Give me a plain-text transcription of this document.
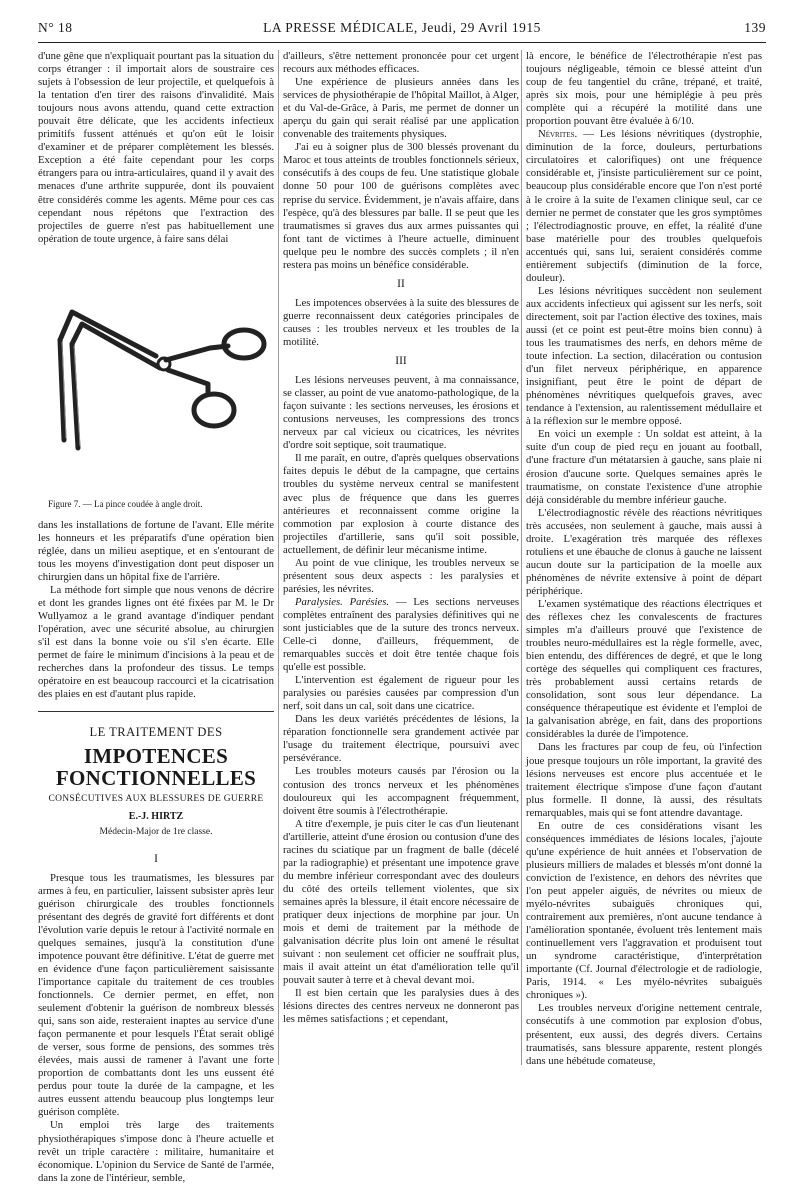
N° 18	LA PRESSE MÉDICALE, Jeudi, 29 Avril 1915	139

d'une gêne que n'expliquait pourtant pas la situation du corps étranger : il importait alors de soustraire ces sujets à l'obsession de leur projectile, et quelquefois à la tentation d'en tirer des raisons d'invalidité. Mais toujours nous avons attendu, quand cette extraction pouvait être délicate, que les accidents infectieux primitifs fussent atténués et qu'on eût le loisir d'examiner et de préparer complètement les blessés. Exception a été faite cependant pour les corps étrangers para ou intra-articulaires, quand il y avait des menaces d'une arthrite suppurée, dont ils pouvaient être considérés comme les agents. Même pour ces cas cependant nous répétons que l'extraction des projectiles de guerre n'est pas habituellement une opération de toute urgence, à faire sans délai

Figure 7. — La pince coudée à angle droit.

dans les installations de fortune de l'avant. Elle mérite les honneurs et les préparatifs d'une opération bien réglée, dans un milieu aseptique, et en s'entourant de tous les moyens d'investigation dont peut disposer un chirurgien dans un hôpital fixe de l'arrière.

La méthode fort simple que nous venons de décrire et dont les grandes lignes ont été fixées par M. le Dr Wullyamoz a le grand avantage d'indiquer pendant l'opération, avec une sécurité absolue, au chirurgien s'il est dans la bonne voie ou s'il s'en écarte. Elle permet de faire le minimum d'incisions à la peau et de recherches dans la profondeur des tissus. Le temps opératoire en est beaucoup raccourci et la cicatrisation des plaies en est d'autant plus rapide.

LE TRAITEMENT DES
IMPOTENCES FONCTIONNELLES
CONSÉCUTIVES AUX BLESSURES DE GUERRE
E.-J. HIRTZ
Médecin-Major de 1re classe.
I

Presque tous les traumatismes, les blessures par armes à feu, en particulier, laissent subsister après leur guérison chirurgicale des troubles fonctionnels présentant des degrés de gravité fort différents et dont l'évolution varie depuis le retour à l'activité normale en quelques semaines, jusqu'à la constitution d'une impotence pouvant être définitive. L'état de guerre met en évidence d'une façon particulièrement saisissante l'importance capitale du traitement de ces troubles fonctionnels. Ce dernier permet, en effet, non seulement d'obtenir la guérison de nombreux blessés qui, sans son aide, resteraient inaptes au service d'une façon permanente et pour lesquels l'État serait obligé de verser, sous forme de pensions, des sommes très élevées, mais aussi de ramener à l'avant une forte proportion de combattants dont les uns eussent été perdus pour toute la durée de la campagne, et les autres eussent attendu beaucoup plus longtemps leur guérison complète.

Un emploi très large des traitements physiothérapiques s'impose donc à l'heure actuelle et revêt un triple caractère : militaire, humanitaire et économique. L'opinion du Service de Santé de l'armée, dans la zone de l'intérieur, semble,

d'ailleurs, s'être nettement prononcée pour cet urgent recours aux méthodes efficaces.

Une expérience de plusieurs années dans les services de physiothérapie de l'hôpital Maillot, à Alger, et du Val-de-Grâce, à Paris, me permet de donner un aperçu du gain qui serait réalisé par une application convenable des traitements physiques.

J'ai eu à soigner plus de 300 blessés provenant du Maroc et tous atteints de troubles fonctionnels sérieux, consécutifs à des coups de feu. Une statistique globale donne 50 pour 100 de guérisons complètes avec reprise du service. Évidemment, je n'avais affaire, dans l'espèce, qu'à des blessures par balle. Il se peut que les traumatismes si graves dus aux armes puissantes qui font tant de victimes à l'heure actuelle, diminuent quelque peu le nombre des succès complets ; il n'en restera pas moins un bénéfice considérable.

II

Les impotences observées à la suite des blessures de guerre reconnaissent deux catégories principales de causes : les troubles nerveux et les troubles de la motilité.

III

Les lésions nerveuses peuvent, à ma connaissance, se classer, au point de vue anatomo-pathologique, de la façon suivante : les sections nerveuses, les érosions et contusions nerveuses, les compressions des troncs nerveux par cal vicieux ou cicatrices, les névrites d'ordre soit septique, soit traumatique.

Il me paraît, en outre, d'après quelques observations faites depuis le début de la campagne, que certains troubles du système nerveux central se manifestent avec plus de fréquence que dans les guerres antérieures et reconnaissent comme origine la commotion par explosion à courte distance des projectiles d'artillerie, sans qu'il soit possible, actuellement, de définir leur mécanisme intime.

Au point de vue clinique, les troubles nerveux se présentent sous deux aspects : les paralysies et parésies, les névrites.

Paralysies. Parésies. — Les sections nerveuses complètes entraînent des paralysies définitives qui ne sont justiciables que de la suture des troncs nerveux. Celle-ci donne, d'ailleurs, fréquemment, de remarquables succès et doit être tentée chaque fois qu'elle est possible.

L'intervention est également de rigueur pour les paralysies ou parésies causées par compression d'un nerf, soit dans un cal, soit dans une cicatrice.

Dans les deux variétés précédentes de lésions, la réparation fonctionnelle sera grandement activée par l'usage du traitement électrique, poursuivi avec persévérance.

Les troubles moteurs causés par l'érosion ou la contusion des troncs nerveux et les phénomènes douloureux qui les accompagnent fréquemment, doivent être soumis à l'électrothérapie.

A titre d'exemple, je puis citer le cas d'un lieutenant d'artillerie, atteint d'une érosion ou contusion d'une des racines du sciatique par un fragment de balle (décelé par la radiographie) et présentant une impotence grave du membre inférieur correspondant avec des douleurs du côté des orteils tellement violentes, que six semaines après la blessure, il était encore nécessaire de pratiquer deux injections de morphine par jour. Un mois et demi de traitement par la méthode de galvanisation décrite plus loin ont amené le résultat suivant : non seulement cet officier ne souffrait plus, mais il avait atteint un état d'amélioration telle qu'il pouvait sauter à terre et à cheval devant moi.

Il est bien certain que les paralysies dues à des lésions directes des centres nerveux ne donneront pas les mêmes satisfactions ; et cependant,

là encore, le bénéfice de l'électrothérapie n'est pas toujours négligeable, témoin ce blessé atteint d'un coup de feu tangentiel du crâne, trépané, et traité, après six mois, pour une hémiplégie à peu près complète qui a récupéré la motilité dans une proportion pouvant être évaluée à 6/10.

Névrites. — Les lésions névritiques (dystrophie, diminution de la force, douleurs, perturbations circulatoires et calorifiques) ont une fréquence considérable et, j'insiste particulièrement sur ce point, beaucoup plus considérable encore que l'on n'est porté à le croire à la suite de l'examen clinique seul, car ce dernier ne permet de constater que les gros symptômes ; l'électrodiagnostic prouve, en effet, la réalité d'une base matérielle pour des troubles quelquefois accentués qui, sans lui, seraient considérés comme entièrement subjectifs (diminution de la force, douleur).

Les lésions névritiques succèdent non seulement aux accidents infectieux qui agissent sur les nerfs, soit directement, soit par l'action élective des toxines, mais aussi (et ce point est peut-être moins bien connu) à tous les traumatismes des nerfs, en dehors même de toute infection. La section, dilacération ou contusion d'un filet nerveux périphérique, en apparence insignifiant, peut être le point de départ de phénomènes névritiques quelquefois graves, avec tendance à l'extension, au ralentissement médullaire et à la réflexion sur le membre opposé.

En voici un exemple : Un soldat est atteint, à la suite d'un coup de pied reçu en jouant au football, d'une fracture d'un métatarsien à gauche, sans plaie ni érosion d'aucune sorte. Quelques semaines après le traumatisme, on constate l'existence d'une atrophie déjà considérable du membre inférieur gauche.

L'électrodiagnostic révèle des réactions névritiques très accusées, non seulement à gauche, mais aussi à droite. L'exagération très marquée des réflexes rotuliens et une ébauche de clonus à gauche ne laissent aucun doute sur la participation de la moelle aux phénomènes de névrite extensive à point de départ périphérique.

L'examen systématique des réactions électriques et des réflexes chez les convalescents de fractures simples m'a d'ailleurs prouvé que l'existence de troubles neuro-médullaires est la règle formelle, avec, bien entendu, des différences de degré, et que le long cortège des séquelles qui compliquent ces fractures, très probablement aussi certains retards de consolidation, sont sous leur dépendance. La conséquence thérapeutique est évidente et l'emploi de la galvanisation abrège, en fait, dans des proportions considérables la durée de l'impotence.

Dans les fractures par coup de feu, où l'infection joue presque toujours un rôle important, la gravité des lésions nerveuses est encore plus accentuée et le traitement électrique s'impose d'une façon d'autant plus formelle. Il donne, là aussi, des résultats remarquables, mais qui se font attendre davantage.

En outre de ces considérations visant les conséquences immédiates de lésions locales, j'ajoute qu'une expérience de huit années et l'observation de plusieurs milliers de malades et blessés m'ont donné la conviction de l'existence, en dehors des névrites que l'on peut appeler aiguës, de névrites ou mieux de myélo-névrites subaiguës chroniques qui, contrairement aux premières, n'ont aucune tendance à l'amélioration spontanée, évoluent très lentement mais continuellement vers l'aggravation et produisent tout un syndrome caractéristique, d'interprétation importante (Cf. Journal d'électrologie et de radiologie, Paris, 1914. « Les myélo-névrites subaiguës chroniques »).

Les troubles nerveux d'origine nettement centrale, consécutifs à une commotion par explosion d'obus, présentent, eux aussi, des degrés divers. Certains traumatisés, sans blessure apparente, restent plongés dans une hébétude comateuse,
